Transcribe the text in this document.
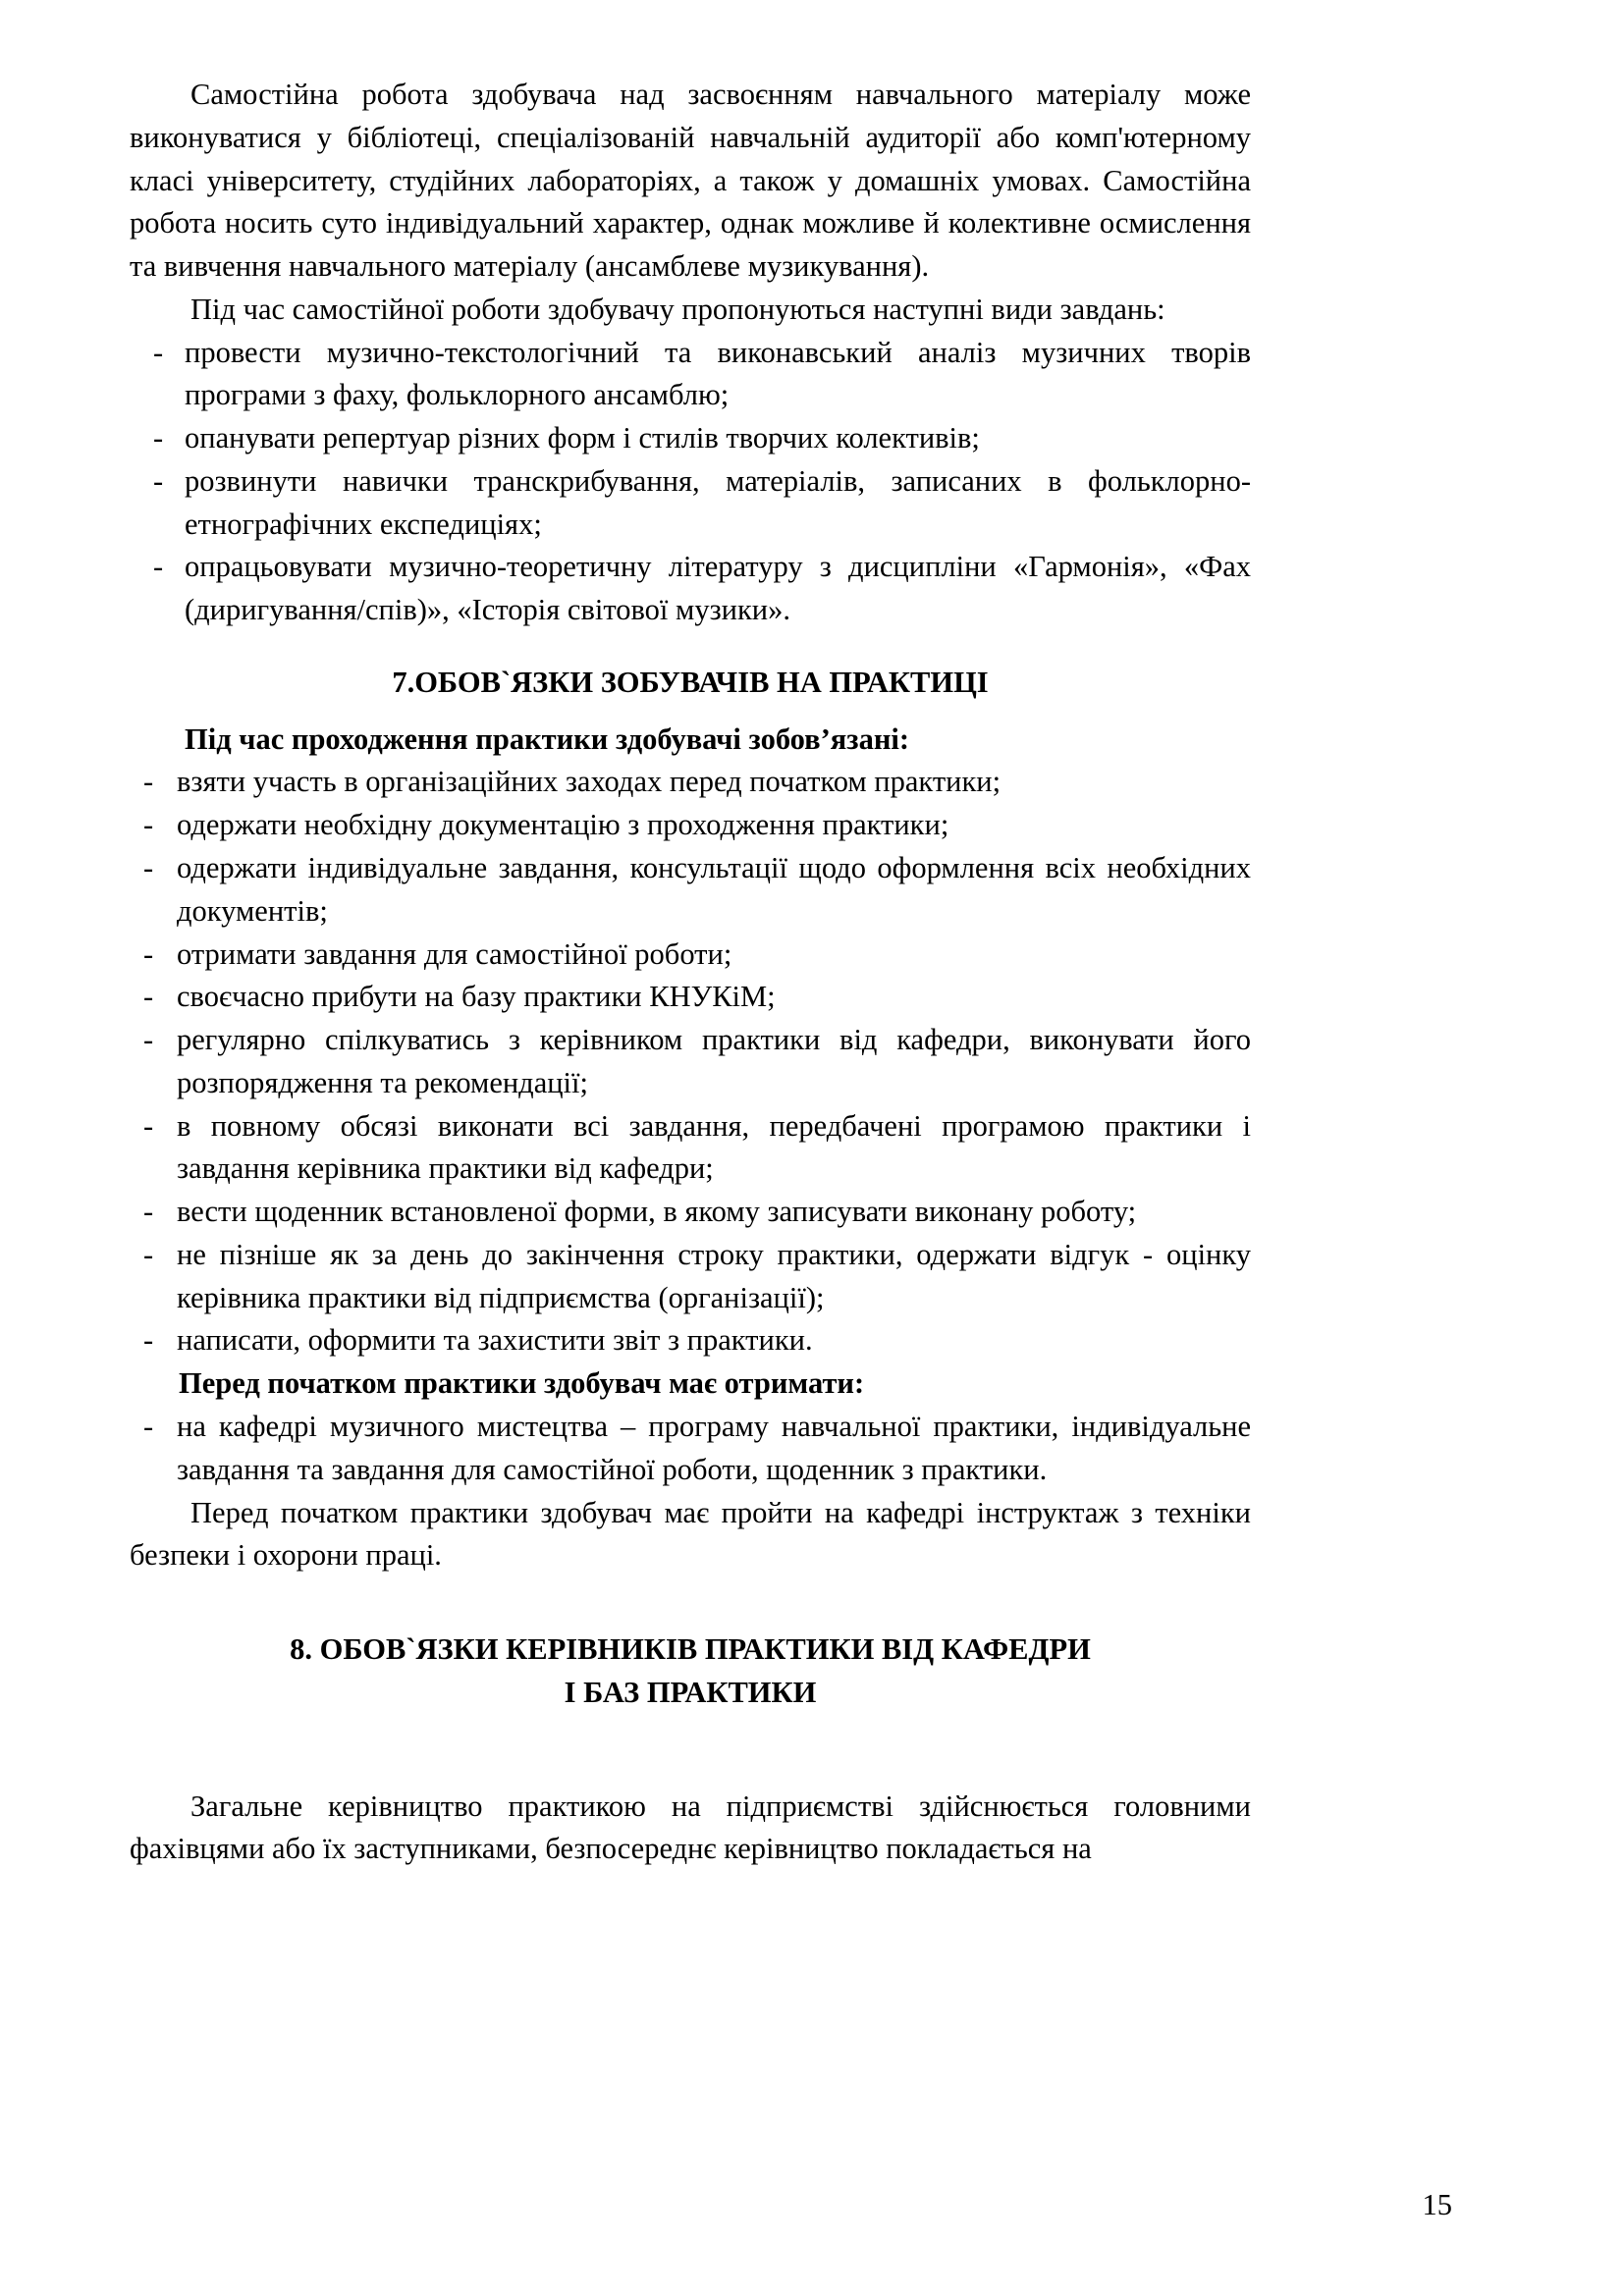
Самостійна робота здобувача над засвоєнням навчального матеріалу може виконуватися у бібліотеці, спеціалізованій навчальній аудиторії або комп'ютерному класі університету, студійних лабораторіях, а також у домашніх умовах. Самостійна робота носить суто індивідуальний характер, однак можливе й колективне осмислення та вивчення навчального матеріалу (ансамблеве музикування).

Під час самостійної роботи здобувачу пропонуються наступні види завдань:

- провести музично-текстологічний та виконавський аналіз музичних творів програми з фаху, фольклорного ансамблю;
- опанувати репертуар різних форм і стилів творчих колективів;
- розвинути навички транскрибування, матеріалів, записаних в фольклорно-етнографічних експедиціях;
- опрацьовувати музично-теоретичну літературу з дисципліни «Гармонія», «Фах (диригування/спів)», «Історія світової музики».
7.ОБОВ`ЯЗКИ ЗОБУВАЧІВ НА ПРАКТИЦІ

Під час проходження практики здобувачі зобов’язані:

- взяти участь в організаційних заходах перед початком практики;
- одержати необхідну документацію з проходження практики;
- одержати індивідуальне завдання, консультації щодо оформлення всіх необхідних документів;
- отримати завдання для самостійної роботи;
- своєчасно прибути на базу практики КНУКіМ;
- регулярно спілкуватись з керівником практики від кафедри, виконувати його розпорядження та рекомендації;
- в повному обсязі виконати всі завдання, передбачені програмою практики і завдання керівника практики від кафедри;
- вести щоденник встановленої форми, в якому записувати виконану роботу;
- не пізніше як за день до закінчення строку практики, одержати відгук - оцінку керівника практики від підприємства (організації);
- написати, оформити та захистити звіт з практики.

Перед початком практики здобувач має отримати:

- на кафедрі музичного мистецтва – програму навчальної практики, індивідуальне завдання та завдання для самостійної роботи, щоденник з практики.

Перед початком практики здобувач має пройти на кафедрі інструктаж з техніки безпеки і охорони праці.

8. ОБОВ`ЯЗКИ КЕРІВНИКІВ ПРАКТИКИ ВІД КАФЕДРИ
І БАЗ ПРАКТИКИ

Загальне керівництво практикою на підприємстві здійснюється головними фахівцями або їх заступниками, безпосереднє керівництво покладається на

15
